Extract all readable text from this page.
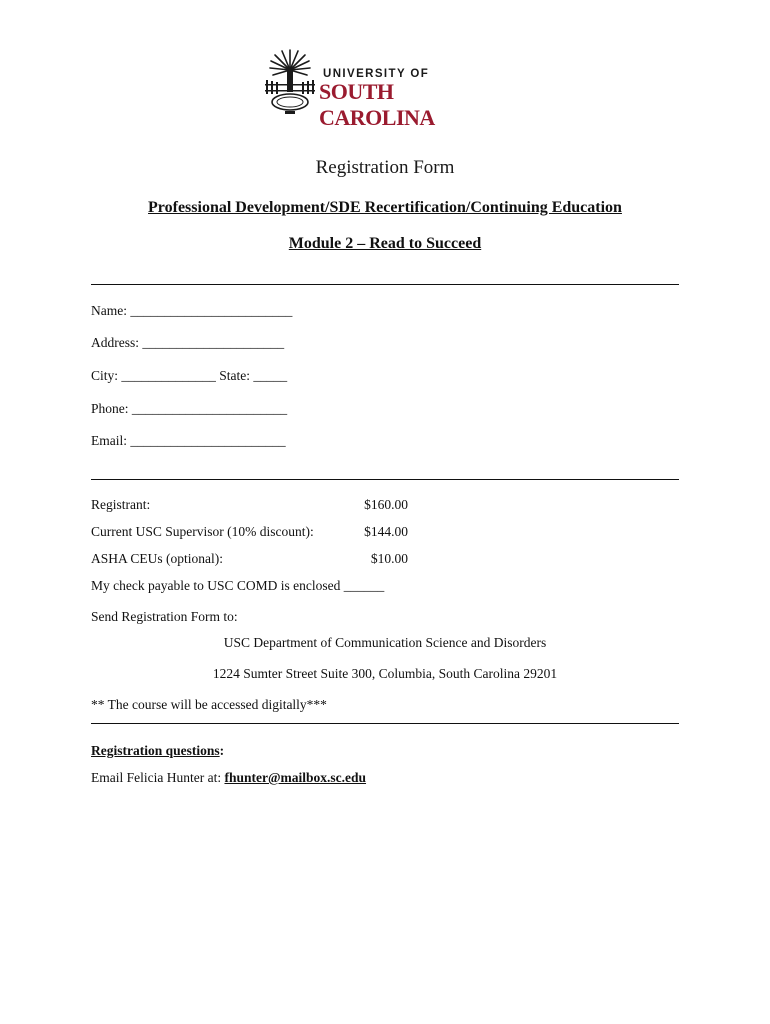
UNIVERSITY OF
SOUTH CAROLINA
Registration Form
Professional Development/SDE Recertification/Continuing Education
Module 2 – Read to Succeed
Name: ________________________
Address: _____________________
City: ______________ State: _____
Phone: _______________________
Email: _______________________
Registrant:	$160.00
Current USC Supervisor (10% discount):	$144.00
ASHA CEUs (optional):	$10.00
My check payable to USC COMD is enclosed ______
Send Registration Form to:
USC Department of Communication Science and Disorders
1224 Sumter Street Suite 300, Columbia, South Carolina 29201
** The course will be accessed digitally***
Registration questions:
Email Felicia Hunter at: fhunter@mailbox.sc.edu
